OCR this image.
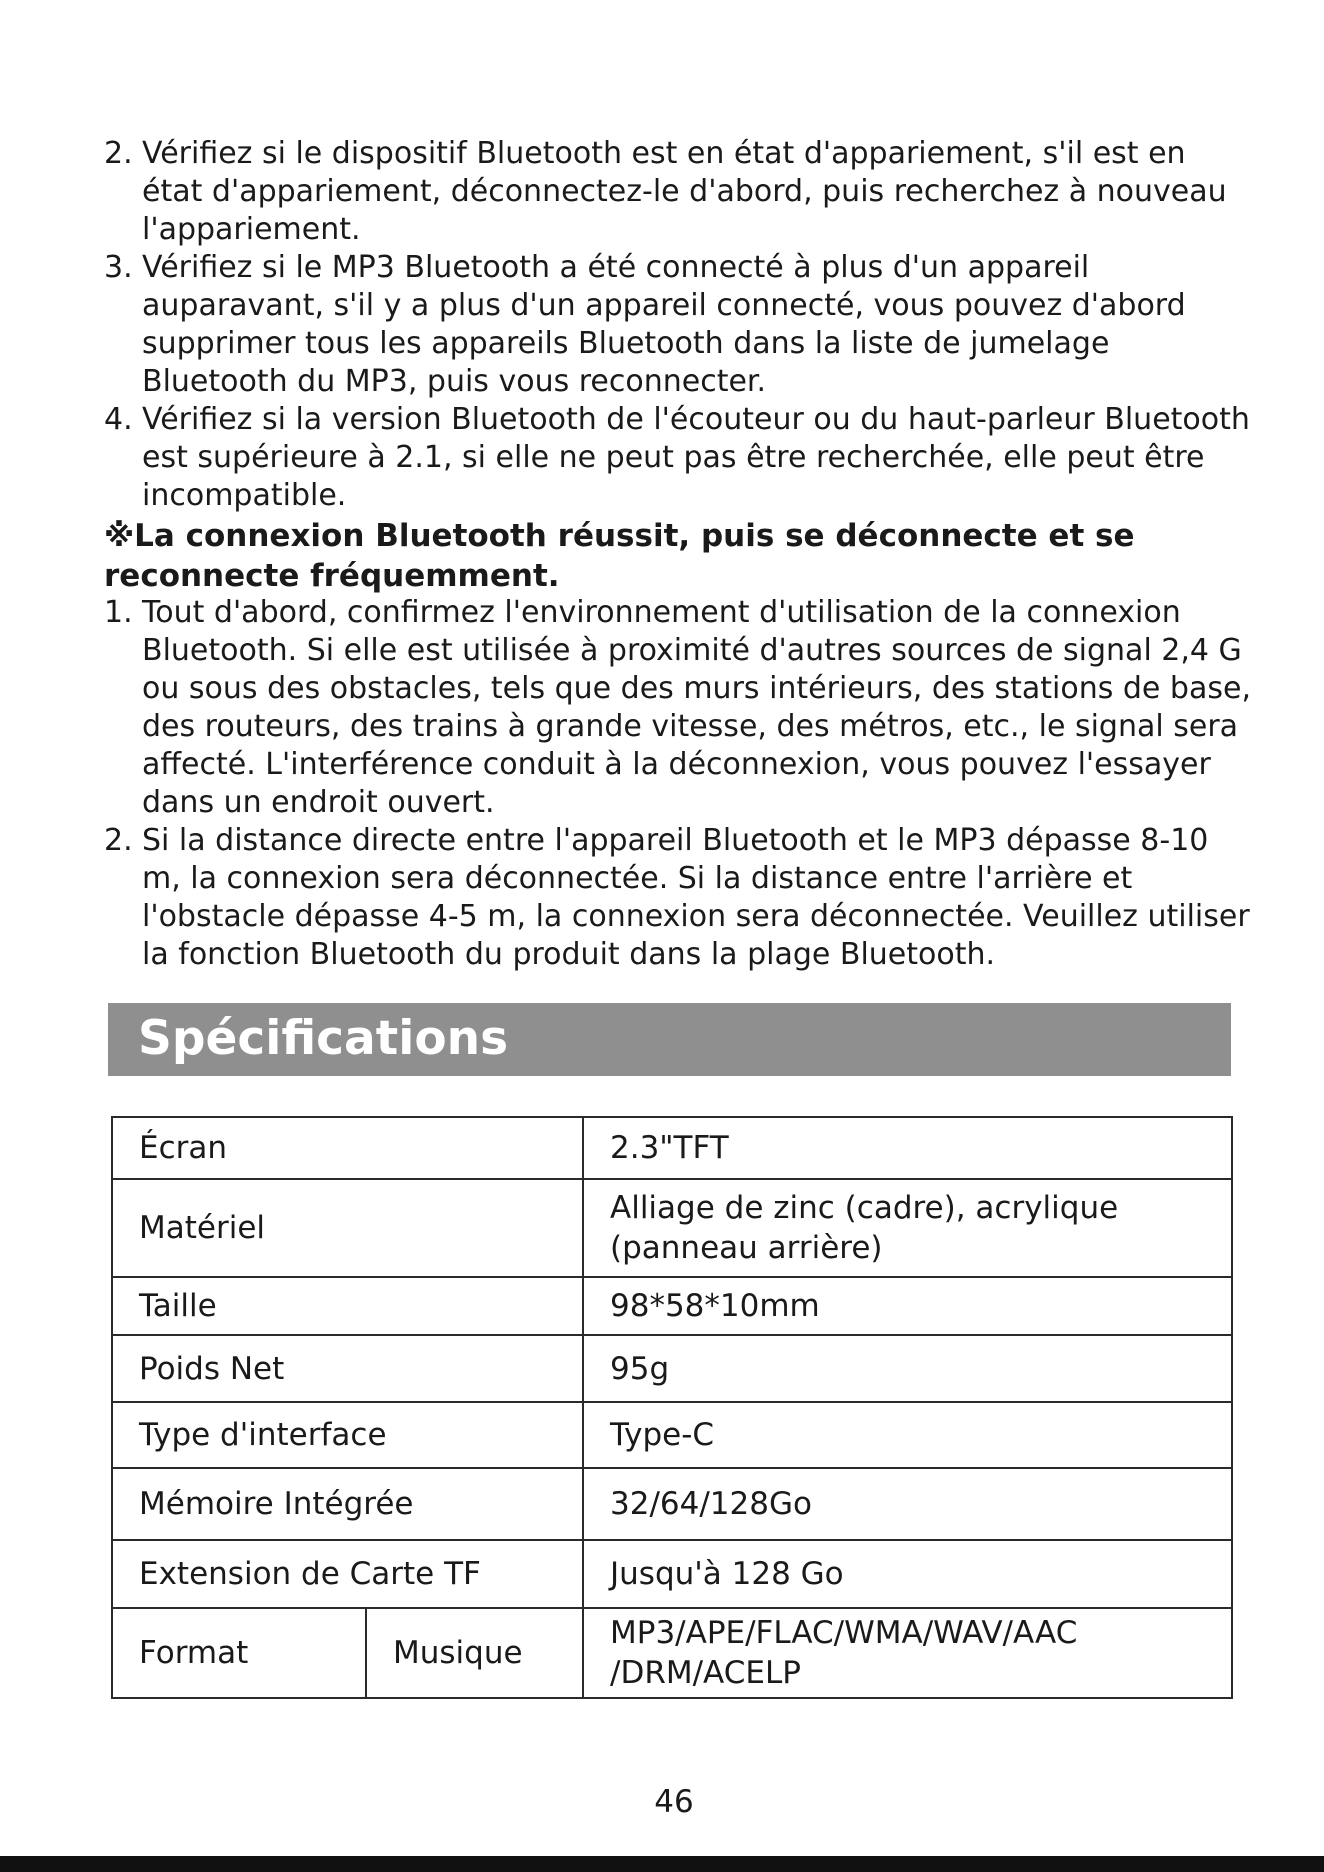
2. Vérifiez si le dispositif Bluetooth est en état d'appariement, s'il est en état d'appariement, déconnectez-le d'abord, puis recherchez à nouveau l'appariement.
3. Vérifiez si le MP3 Bluetooth a été connecté à plus d'un appareil auparavant, s'il y a plus d'un appareil connecté, vous pouvez d'abord supprimer tous les appareils Bluetooth dans la liste de jumelage Bluetooth du MP3, puis vous reconnecter.
4. Vérifiez si la version Bluetooth de l'écouteur ou du haut-parleur Bluetooth est supérieure à 2.1, si elle ne peut pas être recherchée, elle peut être incompatible.
※La connexion Bluetooth réussit, puis se déconnecte et se reconnecte fréquemment.
1. Tout d'abord, confirmez l'environnement d'utilisation de la connexion Bluetooth. Si elle est utilisée à proximité d'autres sources de signal 2,4 G ou sous des obstacles, tels que des murs intérieurs, des stations de base, des routeurs, des trains à grande vitesse, des métros, etc., le signal sera affecté. L'interférence conduit à la déconnexion, vous pouvez l'essayer dans un endroit ouvert.
2. Si la distance directe entre l'appareil Bluetooth et le MP3 dépasse 8-10 m, la connexion sera déconnectée. Si la distance entre l'arrière et l'obstacle dépasse 4-5 m, la connexion sera déconnectée. Veuillez utiliser la fonction Bluetooth du produit dans la plage Bluetooth.
Spécifications
Écran		2.3"TFT
Matériel		Alliage de zinc (cadre), acrylique (panneau arrière)
Taille		98*58*10mm
Poids Net		95g
Type d'interface		Type-C
Mémoire Intégrée		32/64/128Go
Extension de Carte TF		Jusqu'à 128 Go
Format	Musique	MP3/APE/FLAC/WMA/WAV/AAC /DRM/ACELP
46
